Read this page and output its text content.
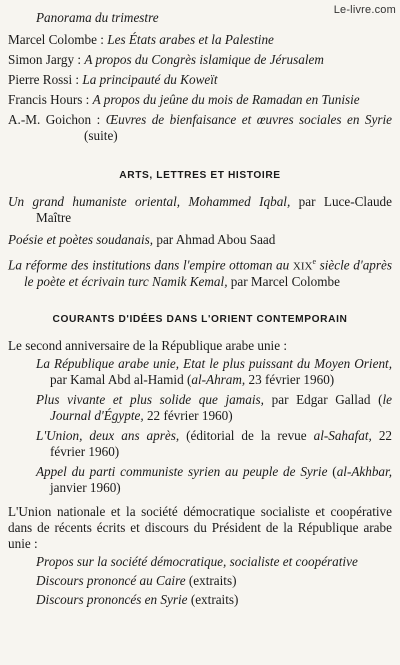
Le-livre.com

Panorama du trimestre

Marcel Colombe : Les États arabes et la Palestine

Simon Jargy : A propos du Congrès islamique de Jérusalem

Pierre Rossi : La principauté du Koweït

Francis Hours : A propos du jeûne du mois de Ramadan en Tunisie

A.-M. Goichon : Œuvres de bienfaisance et œuvres sociales en Syrie (suite)

ARTS, LETTRES ET HISTOIRE

Un grand humaniste oriental, Mohammed Iqbal, par Luce-Claude Maître

Poésie et poètes soudanais, par Ahmad Abou Saad

La réforme des institutions dans l'empire ottoman au XIXe siècle d'après le poète et écrivain turc Namik Kemal, par Marcel Colombe

COURANTS D'IDÉES DANS L'ORIENT CONTEMPORAIN

Le second anniversaire de la République arabe unie :

La République arabe unie, Etat le plus puissant du Moyen Orient, par Kamal Abd al-Hamid (al-Ahram, 23 février 1960)

Plus vivante et plus solide que jamais, par Edgar Gallad (le Journal d'Égypte, 22 février 1960)

L'Union, deux ans après, (éditorial de la revue al-Sahafat, 22 février 1960)

Appel du parti communiste syrien au peuple de Syrie (al-Akhbar, janvier 1960)

L'Union nationale et la société démocratique socialiste et coopérative dans de récents écrits et discours du Président de la République arabe unie :

Propos sur la société démocratique, socialiste et coopérative

Discours prononcé au Caire (extraits)

Discours prononcés en Syrie (extraits)
